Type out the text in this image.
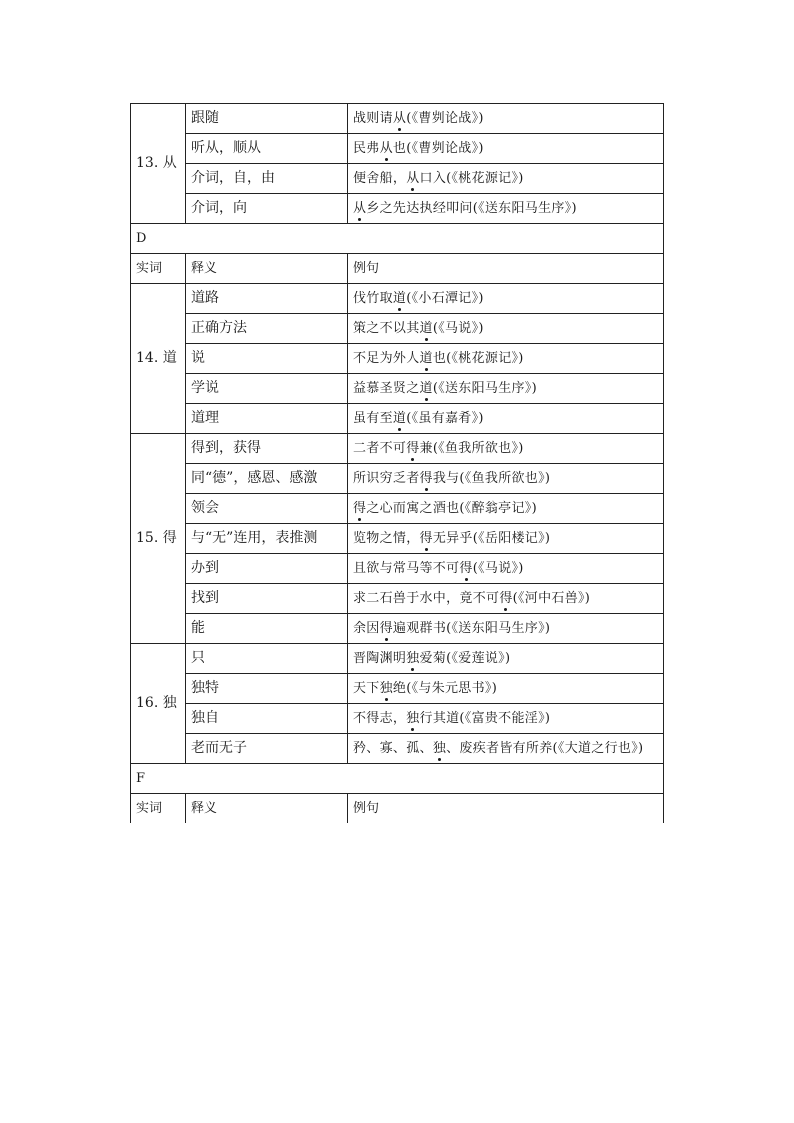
13. 从	跟随	战则请从(《曹刿论战》)
	听从，顺从	民弗从也(《曹刿论战》)
	介词，自，由	便舍船，从口入(《桃花源记》)
	介词，向	从乡之先达执经叩问(《送东阳马生序》)
D		
实词	释义	例句
14. 道	道路	伐竹取道(《小石潭记》)
	正确方法	策之不以其道(《马说》)
	说	不足为外人道也(《桃花源记》)
	学说	益慕圣贤之道(《送东阳马生序》)
	道理	虽有至道(《虽有嘉肴》)
15. 得	得到，获得	二者不可得兼(《鱼我所欲也》)
	同“德”，感恩、感激	所识穷乏者得我与(《鱼我所欲也》)
	领会	得之心而寓之酒也(《醉翁亭记》)
	与“无”连用，表推测	览物之情，得无异乎(《岳阳楼记》)
	办到	且欲与常马等不可得(《马说》)
	找到	求二石兽于水中，竟不可得(《河中石兽》)
	能	余因得遍观群书(《送东阳马生序》)
16. 独	只	晋陶渊明独爱菊(《爱莲说》)
	独特	天下独绝(《与朱元思书》)
	独自	不得志，独行其道(《富贵不能淫》)
	老而无子	矜、寡、孤、独、废疾者皆有所养(《大道之行也》)
F		
实词	释义	例句
